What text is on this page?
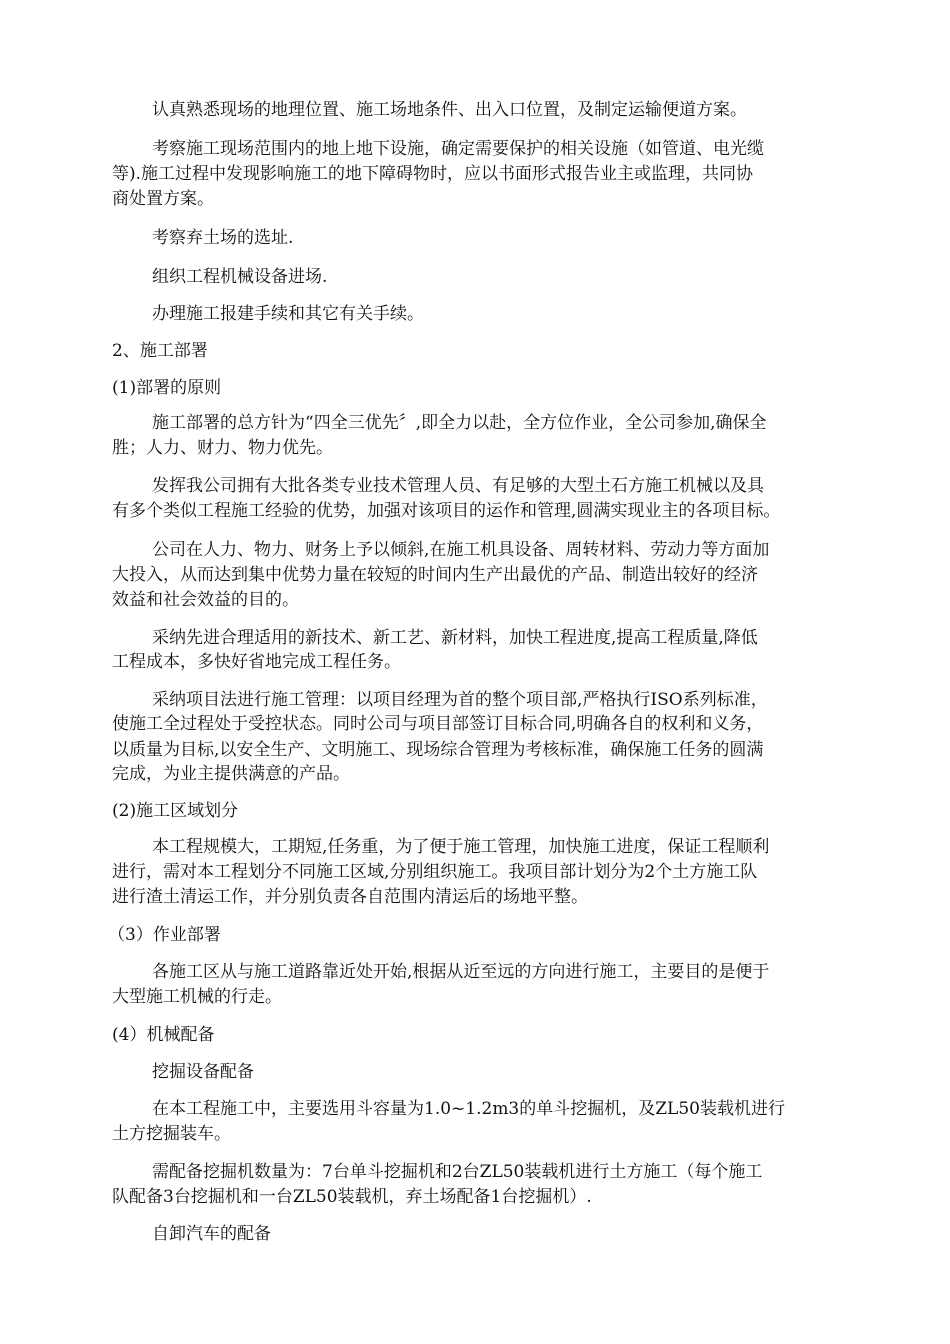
认真熟悉现场的地理位置、施工场地条件、出入口位置，及制定运输便道方案。
考察施工现场范围内的地上地下设施，确定需要保护的相关设施（如管道、电光缆
等).施工过程中发现影响施工的地下障碍物时，应以书面形式报告业主或监理，共同协
商处置方案。
考察弃土场的选址.
组织工程机械设备进场.
办理施工报建手续和其它有关手续。
2、施工部署
(1)部署的原则
施工部署的总方针为“四全三优先〞,即全力以赴，全方位作业，全公司参加,确保全
胜；人力、财力、物力优先。
发挥我公司拥有大批各类专业技术管理人员、有足够的大型土石方施工机械以及具
有多个类似工程施工经验的优势，加强对该项目的运作和管理,圆满实现业主的各项目标。
公司在人力、物力、财务上予以倾斜,在施工机具设备、周转材料、劳动力等方面加
大投入，从而达到集中优势力量在较短的时间内生产出最优的产品、制造出较好的经济
效益和社会效益的目的。
采纳先进合理适用的新技术、新工艺、新材料，加快工程进度,提高工程质量,降低
工程成本，多快好省地完成工程任务。
采纳项目法进行施工管理：以项目经理为首的整个项目部,严格执行ISO系列标准，
使施工全过程处于受控状态。同时公司与项目部签订目标合同,明确各自的权利和义务，
以质量为目标,以安全生产、文明施工、现场综合管理为考核标准，确保施工任务的圆满
完成，为业主提供满意的产品。
(2)施工区域划分
本工程规模大，工期短,任务重，为了便于施工管理，加快施工进度，保证工程顺利
进行，需对本工程划分不同施工区域,分别组织施工。我项目部计划分为2个土方施工队
进行渣土清运工作，并分别负责各自范围内清运后的场地平整。
（3）作业部署
各施工区从与施工道路靠近处开始,根据从近至远的方向进行施工，主要目的是便于
大型施工机械的行走。
(4）机械配备
挖掘设备配备
在本工程施工中，主要选用斗容量为1.0~1.2m3的单斗挖掘机，及ZL50装载机进行
土方挖掘装车。
需配备挖掘机数量为：7台单斗挖掘机和2台ZL50装载机进行土方施工（每个施工
队配备3台挖掘机和一台ZL50装载机，弃土场配备1台挖掘机）.
自卸汽车的配备
